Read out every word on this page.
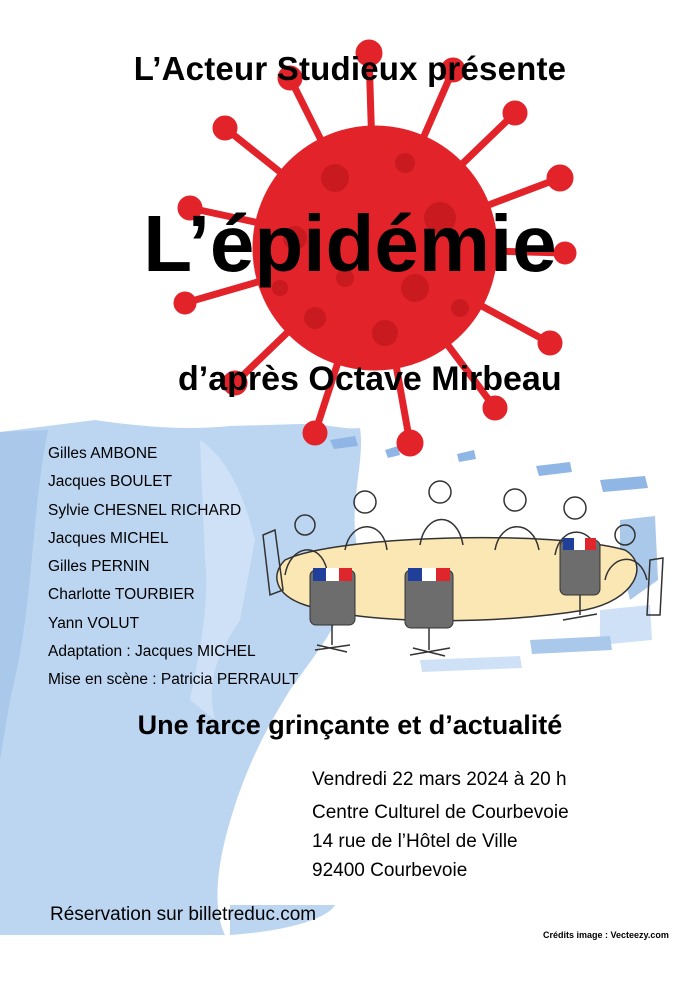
L’Acteur Studieux présente
L’épidémie
d’après Octave Mirbeau
Gilles AMBONE
Jacques BOULET
Sylvie CHESNEL RICHARD
Jacques MICHEL
Gilles PERNIN
Charlotte TOURBIER
Yann VOLUT
Adaptation : Jacques MICHEL
Mise en scène : Patricia PERRAULT
Une farce grinçante et d’actualité
Vendredi 22 mars 2024 à 20 h
Centre Culturel de Courbevoie
14 rue de l’Hôtel de Ville
92400 Courbevoie
Réservation sur billetreduc.com
Crédits image : Vecteezy.com
